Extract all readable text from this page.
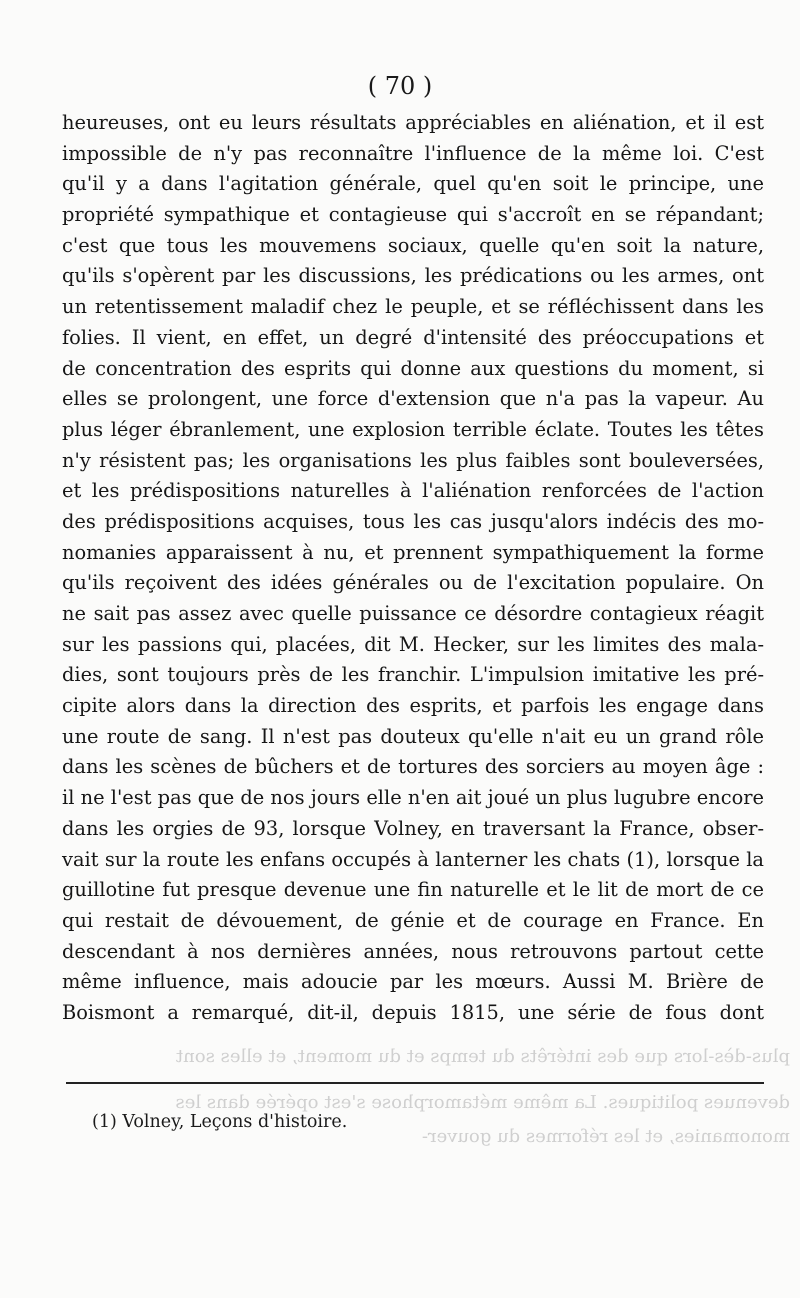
plus-dès-lors que des intérêts du temps et du moment, et elles sont
devenues politiques. La même métamorphose s'est opérée dans les
monomanies, et les réformes du gouver-
( 70 )
heureuses, ont eu leurs résultats appréciables en aliénation, et il est
impossible de n'y pas reconnaître l'influence de la même loi. C'est
qu'il y a dans l'agitation générale, quel qu'en soit le principe, une
propriété sympathique et contagieuse qui s'accroît en se répandant;
c'est que tous les mouvemens sociaux, quelle qu'en soit la nature,
qu'ils s'opèrent par les discussions, les prédications ou les armes, ont
un retentissement maladif chez le peuple, et se réfléchissent dans les
folies. Il vient, en effet, un degré d'intensité des préoccupations et
de concentration des esprits qui donne aux questions du moment, si
elles se prolongent, une force d'extension que n'a pas la vapeur. Au
plus léger ébranlement, une explosion terrible éclate. Toutes les têtes
n'y résistent pas; les organisations les plus faibles sont bouleversées,
et les prédispositions naturelles à l'aliénation renforcées de l'action
des prédispositions acquises, tous les cas jusqu'alors indécis des mo-
nomanies apparaissent à nu, et prennent sympathiquement la forme
qu'ils reçoivent des idées générales ou de l'excitation populaire. On
ne sait pas assez avec quelle puissance ce désordre contagieux réagit
sur les passions qui, placées, dit M. Hecker, sur les limites des mala-
dies, sont toujours près de les franchir. L'impulsion imitative les pré-
cipite alors dans la direction des esprits, et parfois les engage dans
une route de sang. Il n'est pas douteux qu'elle n'ait eu un grand rôle
dans les scènes de bûchers et de tortures des sorciers au moyen âge :
il ne l'est pas que de nos jours elle n'en ait joué un plus lugubre encore
dans les orgies de 93, lorsque Volney, en traversant la France, obser-
vait sur la route les enfans occupés à lanterner les chats (1), lorsque la
guillotine fut presque devenue une fin naturelle et le lit de mort de ce
qui restait de dévouement, de génie et de courage en France. En
descendant à nos dernières années, nous retrouvons partout cette
même influence, mais adoucie par les mœurs. Aussi M. Brière de
Boismont a remarqué, dit-il, depuis 1815, une série de fous dont
(1) Volney, Leçons d'histoire.
